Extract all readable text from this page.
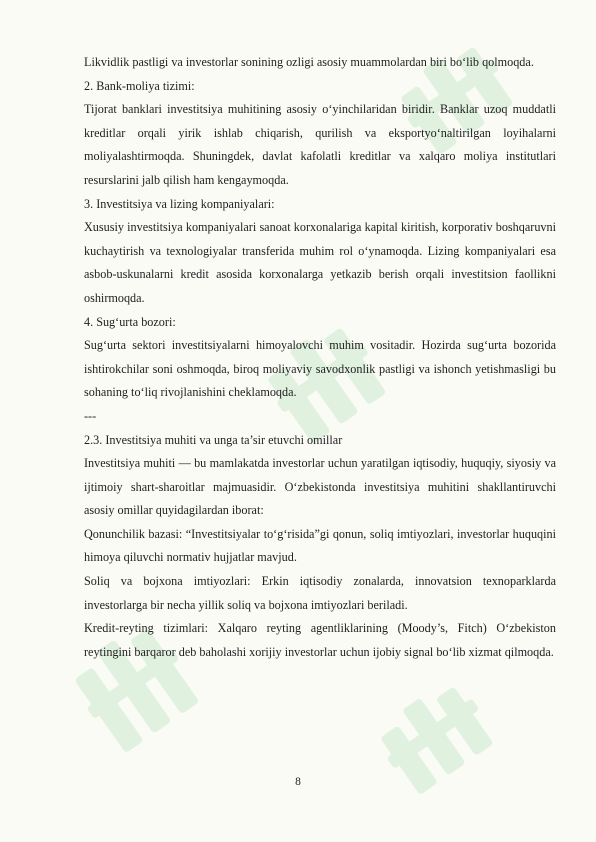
Likvidlik pastligi va investorlar sonining ozligi asosiy muammolardan biri bo‘lib qolmoqda.

2. Bank-moliya tizimi:

Tijorat banklari investitsiya muhitining asosiy o‘yinchilaridan biridir. Banklar uzoq muddatli kreditlar orqali yirik ishlab chiqarish, qurilish va eksportyo‘naltirilgan loyihalarni moliyalashtirmoqda. Shuningdek, davlat kafolatli kreditlar va xalqaro moliya institutlari resurslarini jalb qilish ham kengaymoqda.

3. Investitsiya va lizing kompaniyalari:

Xususiy investitsiya kompaniyalari sanoat korxonalariga kapital kiritish, korporativ boshqaruvni kuchaytirish va texnologiyalar transferida muhim rol o‘ynamoqda. Lizing kompaniyalari esa asbob-uskunalarni kredit asosida korxonalarga yetkazib berish orqali investitsion faollikni oshirmoqda.

4. Sug‘urta bozori:

Sug‘urta sektori investitsiyalarni himoyalovchi muhim vositadir. Hozirda sug‘urta bozorida ishtirokchilar soni oshmoqda, biroq moliyaviy savodxonlik pastligi va ishonch yetishmasligi bu sohaning to‘liq rivojlanishini cheklamoqda.

---

2.3. Investitsiya muhiti va unga ta’sir etuvchi omillar

Investitsiya muhiti — bu mamlakatda investorlar uchun yaratilgan iqtisodiy, huquqiy, siyosiy va ijtimoiy shart-sharoitlar majmuasidir. O‘zbekistonda investitsiya muhitini shakllantiruvchi asosiy omillar quyidagilardan iborat:

Qonunchilik bazasi: “Investitsiyalar to‘g‘risida”gi qonun, soliq imtiyozlari, investorlar huquqini himoya qiluvchi normativ hujjatlar mavjud.

Soliq va bojxona imtiyozlari: Erkin iqtisodiy zonalarda, innovatsion texnoparklarda investorlarga bir necha yillik soliq va bojxona imtiyozlari beriladi.

Kredit-reyting tizimlari: Xalqaro reyting agentliklarining (Moody’s, Fitch) O‘zbekiston reytingini barqaror deb baholashi xorijiy investorlar uchun ijobiy signal bo‘lib xizmat qilmoqda.

8
